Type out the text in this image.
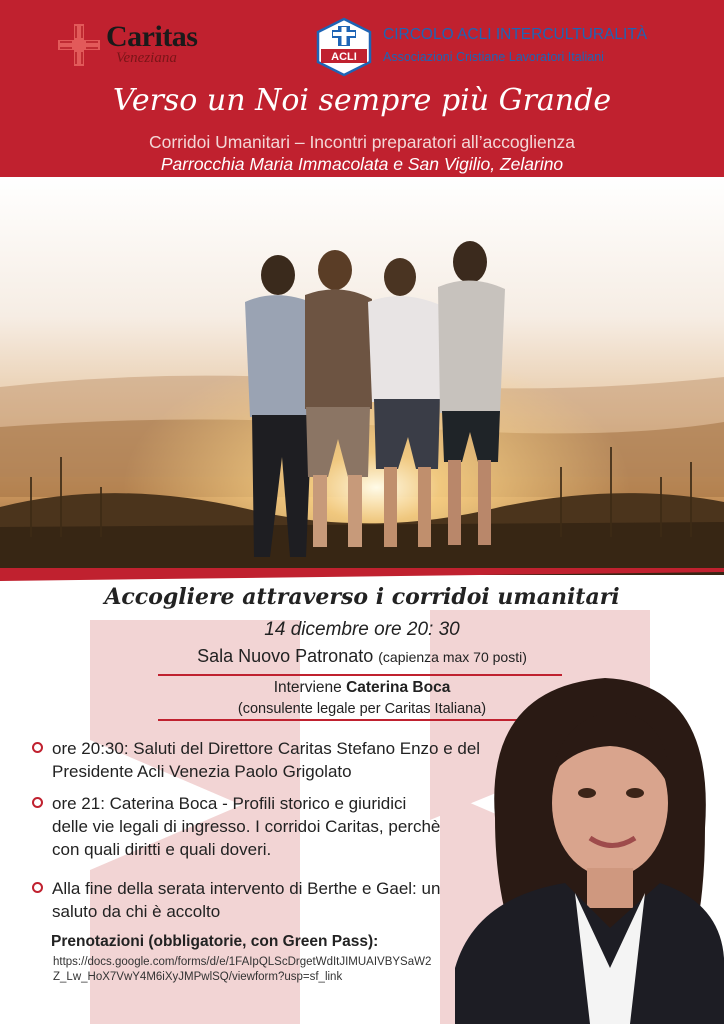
Caritas
Veneziana	ACLI
CIRCOLO ACLI INTERCULTURALITÀ
Associazioni Cristiane Lavoratori Italiani
Verso un Noi sempre più Grande
Corridoi Umanitari – Incontri preparatori all’accoglienza
Parrocchia Maria Immacolata e San Vigilio, Zelarino
Accogliere attraverso i corridoi umanitari
14 dicembre ore 20: 30
Sala Nuovo Patronato (capienza max 70 posti)
Interviene Caterina Boca
(consulente legale per Caritas Italiana)
ore 20:30: Saluti del Direttore Caritas Stefano Enzo e del Presidente Acli Venezia Paolo Grigolato
ore 21: Caterina Boca - Profili storico e giuridici delle vie legali di ingresso. I corridoi Caritas, perchè con quali diritti e quali doveri.
Alla fine della serata intervento di Berthe e Gael: un saluto da chi è accolto
Prenotazioni (obbligatorie, con Green Pass):
https://docs.google.com/forms/d/e/1FAIpQLScDrgetWdItJIMUAIVBYSaW2Z_Lw_HoX7VwY4M6iXyJMPwlSQ/viewform?usp=sf_link
